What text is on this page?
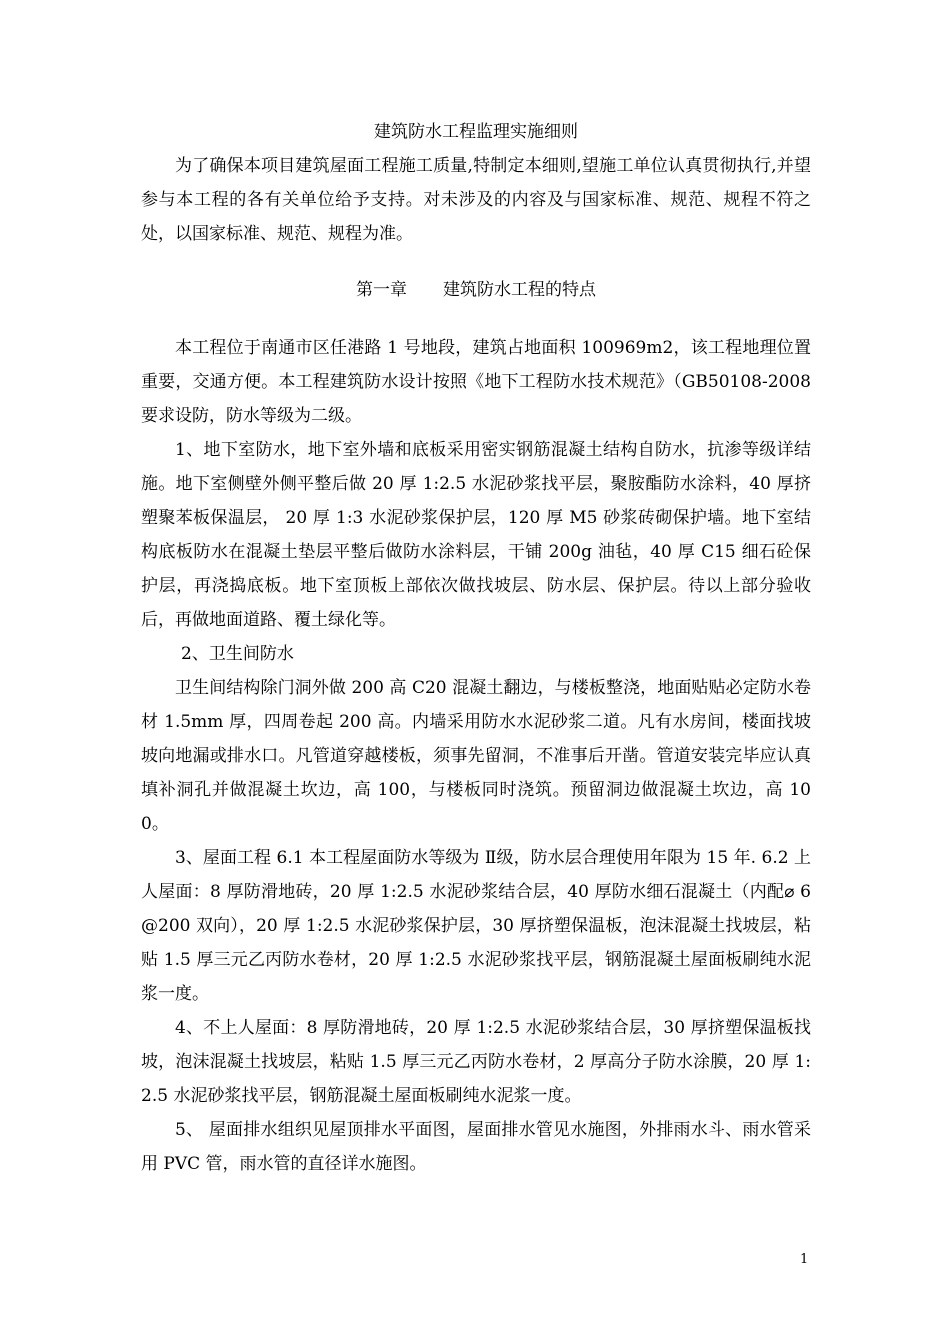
建筑防水工程监理实施细则

为了确保本项目建筑屋面工程施工质量,特制定本细则,望施工单位认真贯彻执行,并望参与本工程的各有关单位给予支持。对未涉及的内容及与国家标准、规范、规程不符之处，以国家标准、规范、规程为准。

第一章 建筑防水工程的特点

本工程位于南通市区任港路 1 号地段，建筑占地面积 100969m2，该工程地理位置重要，交通方便。本工程建筑防水设计按照《地下工程防水技术规范》（GB50108-2008 要求设防，防水等级为二级。

1、地下室防水，地下室外墙和底板采用密实钢筋混凝土结构自防水，抗渗等级详结施。地下室侧壁外侧平整后做 20 厚 1:2.5 水泥砂浆找平层，聚胺酯防水涂料，40 厚挤塑聚苯板保温层， 20 厚 1:3 水泥砂浆保护层，120 厚 M5 砂浆砖砌保护墙。地下室结构底板防水在混凝土垫层平整后做防水涂料层，干铺 200g 油毡，40 厚 C15 细石砼保护层，再浇捣底板。地下室顶板上部依次做找坡层、防水层、保护层。待以上部分验收后，再做地面道路、覆土绿化等。

2、卫生间防水

卫生间结构除门洞外做 200 高 C20 混凝土翻边，与楼板整浇，地面贴贴必定防水卷材 1.5mm 厚，四周卷起 200 高。内墙采用防水水泥砂浆二道。凡有水房间，楼面找坡坡向地漏或排水口。凡管道穿越楼板，须事先留洞，不准事后开凿。管道安装完毕应认真填补洞孔并做混凝土坎边，高 100，与楼板同时浇筑。预留洞边做混凝土坎边，高 100。

3、屋面工程 6.1 本工程屋面防水等级为 Ⅱ级，防水层合理使用年限为 15 年. 6.2 上人屋面：8 厚防滑地砖，20 厚 1:2.5 水泥砂浆结合层，40 厚防水细石混凝土（内配⌀ 6@200 双向），20 厚 1:2.5 水泥砂浆保护层，30 厚挤塑保温板，泡沫混凝土找坡层，粘贴 1.5 厚三元乙丙防水卷材，20 厚 1:2.5 水泥砂浆找平层，钢筋混凝土屋面板刷纯水泥浆一度。

4、不上人屋面：8 厚防滑地砖，20 厚 1:2.5 水泥砂浆结合层，30 厚挤塑保温板找坡，泡沫混凝土找坡层，粘贴 1.5 厚三元乙丙防水卷材，2 厚高分子防水涂膜，20 厚 1:2.5 水泥砂浆找平层，钢筋混凝土屋面板刷纯水泥浆一度。

5、 屋面排水组织见屋顶排水平面图，屋面排水管见水施图，外排雨水斗、雨水管采用 PVC 管，雨水管的直径详水施图。

1
